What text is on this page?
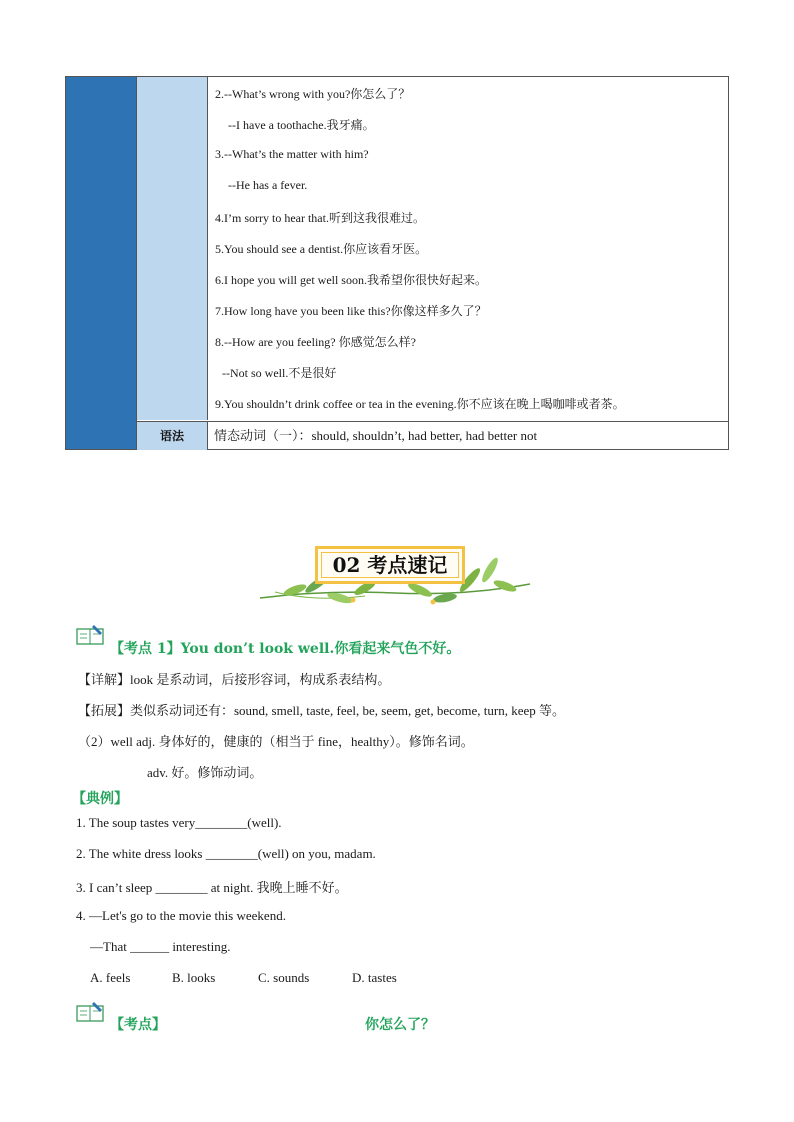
2.--What’s wrong with you?你怎么了？
--I have a toothache.我牙痛。
3.--What’s the matter with him?
--He has a fever.
4.I’m sorry to hear that.听到这我很难过。
5.You should see a dentist.你应该看牙医。
6.I hope you will get well soon.我希望你很快好起来。
7.How long have you been like this?你像这样多久了？
8.--How are you feeling? 你感觉怎么样?
--Not so well.不是很好
9.You shouldn’t drink coffee or tea in the evening.你不应该在晚上喝咖啡或者茶。
语法	情态动词（一）：should, shouldn’t, had better, had better not
02 考点速记
【考点 1】You don’t look well.你看起来气色不好。
【详解】look 是系动词，后接形容词，构成系表结构。
【拓展】类似系动词还有：sound, smell, taste, feel, be, seem, get, become, turn, keep 等。
（2）well adj. 身体好的，健康的（相当于 fine，healthy）。修饰名词。
adv. 好。修饰动词。
【典例】
1. The soup tastes very________(well).
2. The white dress looks ________(well) on you, madam.
3. I can’t sleep ________ at night. 我晚上睡不好。
4. —Let's go to the movie this weekend.
—That ______ interesting.
A. feels	B. looks	C. sounds	D. tastes
【考点】	你怎么了？
